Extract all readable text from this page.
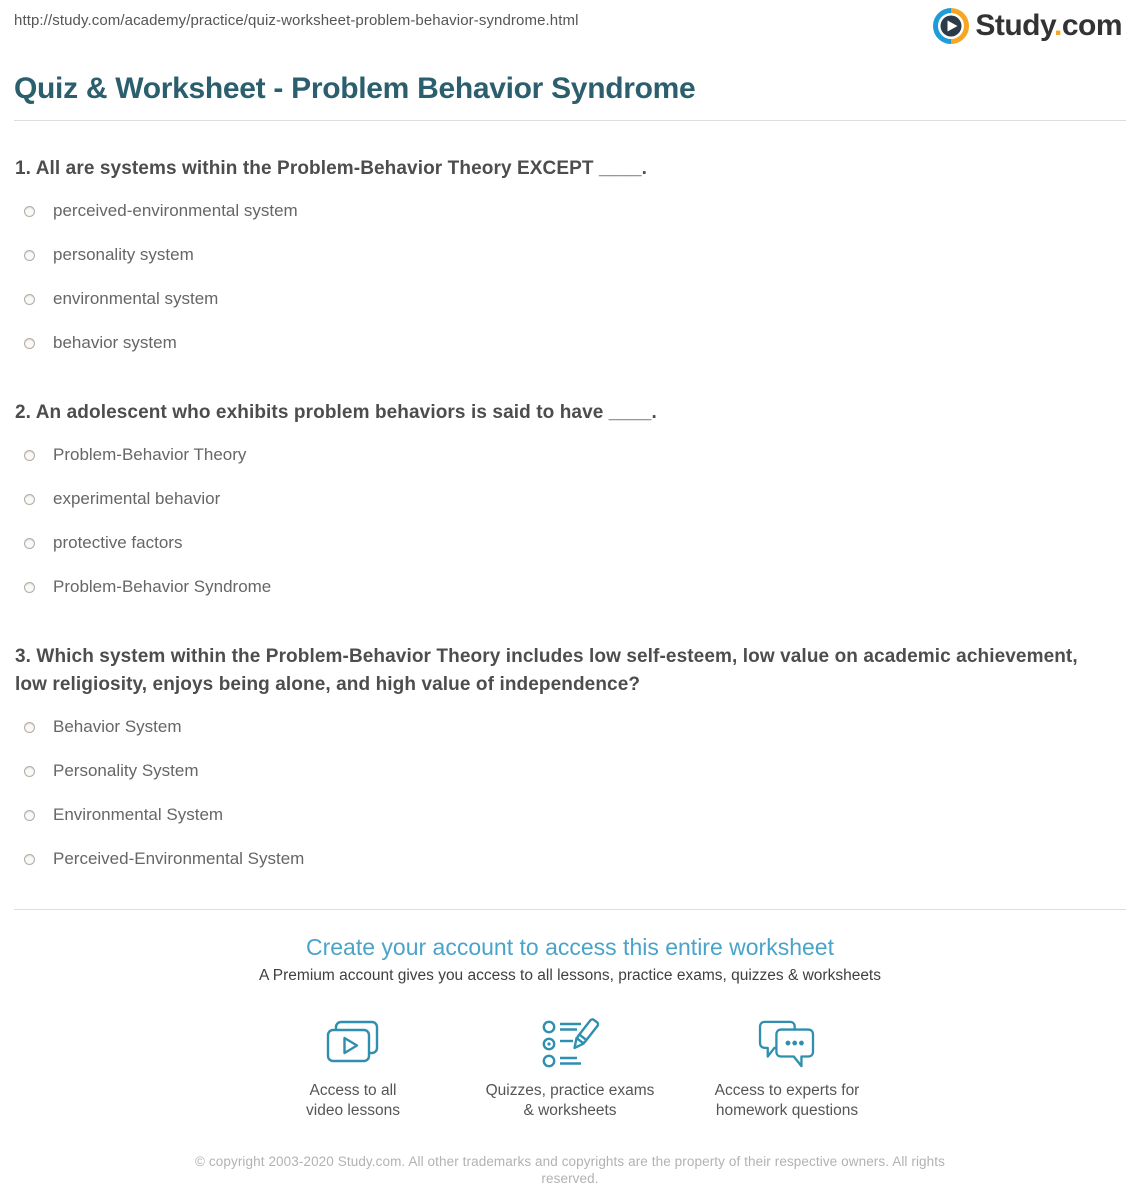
http://study.com/academy/practice/quiz-worksheet-problem-behavior-syndrome.html	Study.com
Quiz & Worksheet - Problem Behavior Syndrome
1. All are systems within the Problem-Behavior Theory EXCEPT ____.
perceived-environmental system
personality system
environmental system
behavior system
2. An adolescent who exhibits problem behaviors is said to have ____.
Problem-Behavior Theory
experimental behavior
protective factors
Problem-Behavior Syndrome
3. Which system within the Problem-Behavior Theory includes low self-esteem, low value on academic achievement, low religiosity, enjoys being alone, and high value of independence?
Behavior System
Personality System
Environmental System
Perceived-Environmental System
Create your account to access this entire worksheet
A Premium account gives you access to all lessons, practice exams, quizzes & worksheets
Access to all
video lessons
Quizzes, practice exams
& worksheets
Access to experts for
homework questions
© copyright 2003-2020 Study.com. All other trademarks and copyrights are the property of their respective owners. All rights reserved.
